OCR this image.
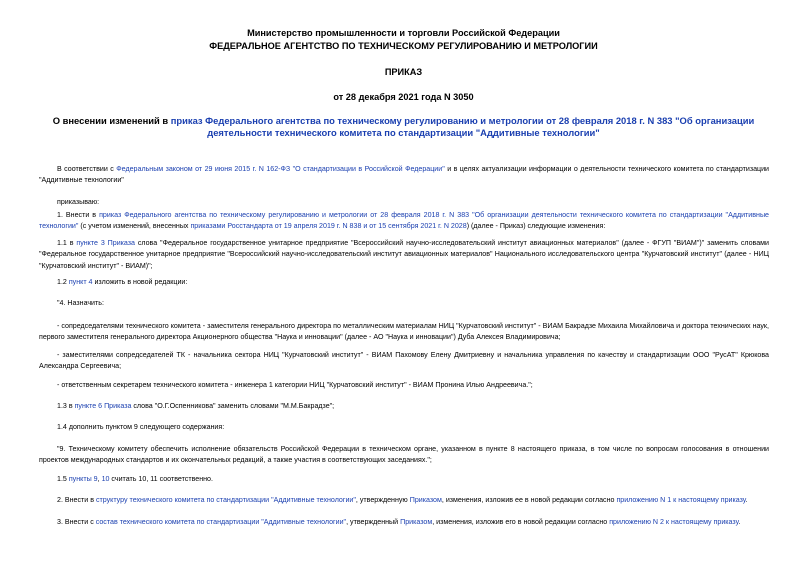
Министерство промышленности и торговли Российской Федерации
ФЕДЕРАЛЬНОЕ АГЕНТСТВО ПО ТЕХНИЧЕСКОМУ РЕГУЛИРОВАНИЮ И МЕТРОЛОГИИ
ПРИКАЗ
от 28 декабря 2021 года N 3050
О внесении изменений в приказ Федерального агентства по техническому регулированию и метрологии от 28 февраля 2018 г. N 383 "Об организации деятельности технического комитета по стандартизации "Аддитивные технологии"
В соответствии с Федеральным законом от 29 июня 2015 г. N 162-ФЗ "О стандартизации в Российской Федерации" и в целях актуализации информации о деятельности технического комитета по стандартизации "Аддитивные технологии"
приказываю:
1. Внести в приказ Федерального агентства по техническому регулированию и метрологии от 28 февраля 2018 г. N 383 "Об организации деятельности технического комитета по стандартизации "Аддитивные технологии" (с учетом изменений, внесенных приказами Росстандарта от 19 апреля 2019 г. N 838 и от 15 сентября 2021 г. N 2028) (далее - Приказ) следующие изменения:
1.1 в пункте 3 Приказа слова "Федеральное государственное унитарное предприятие "Всероссийский научно-исследовательский институт авиационных материалов" (далее - ФГУП "ВИАМ")" заменить словами "Федеральное государственное унитарное предприятие "Всероссийский научно-исследовательский институт авиационных материалов" Национального исследовательского центра "Курчатовский институт" (далее - НИЦ "Курчатовский институт" - ВИАМ)";
1.2 пункт 4 изложить в новой редакции:
"4. Назначить:
- сопредседателями технического комитета - заместителя генерального директора по металлическим материалам НИЦ "Курчатовский институт" - ВИАМ Бакрадзе Михаила Михайловича и доктора технических наук, первого заместителя генерального директора Акционерного общества "Наука и инновации" (далее - АО "Наука и инновации") Дуба Алексея Владимировича;
- заместителями сопредседателей ТК - начальника сектора НИЦ "Курчатовский институт" - ВИАМ Пахомову Елену Дмитриевну и начальника управления по качеству и стандартизации ООО "РусАТ" Крюкова Александра Сергеевича;
- ответственным секретарем технического комитета - инженера 1 категории НИЦ "Курчатовский институт" - ВИАМ Пронина Илью Андреевича.";
1.3 в пункте 6 Приказа слова "О.Г.Оспенникова" заменить словами "М.М.Бакрадзе";
1.4 дополнить пунктом 9 следующего содержания:
"9. Техническому комитету обеспечить исполнение обязательств Российской Федерации в техническом органе, указанном в пункте 8 настоящего приказа, в том числе по вопросам голосования в отношении проектов международных стандартов и их окончательных редакций, а также участия в соответствующих заседаниях.";
1.5 пункты 9, 10 считать 10, 11 соответственно.
2. Внести в структуру технического комитета по стандартизации "Аддитивные технологии", утвержденную Приказом, изменения, изложив ее в новой редакции согласно приложению N 1 к настоящему приказу.
3. Внести с состав технического комитета по стандартизации "Аддитивные технологии", утвержденный Приказом, изменения, изложив его в новой редакции согласно приложению N 2 к настоящему приказу.
